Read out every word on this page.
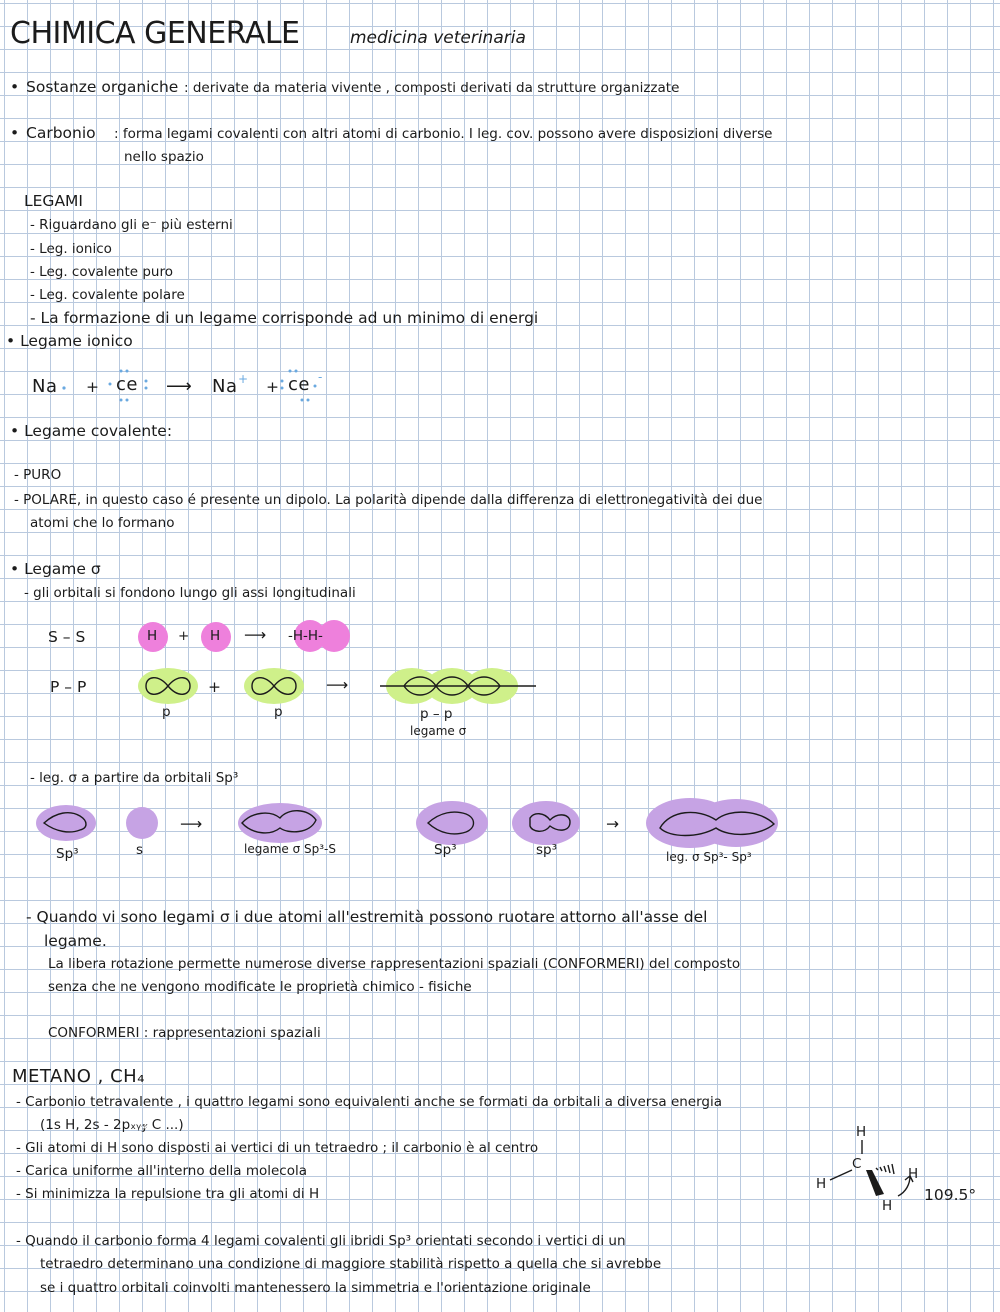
CHIMICA GENERALE	medicina veterinaria
• Sostanze organiche : derivate da materia vivente , composti derivati da strutture organizzate
• Carbonio : forma legami covalenti con altri atomi di carbonio. I leg. cov. possono avere disposizioni diverse
nello spazio
LEGAMI
- Riguardano gli e⁻ più esterni
- Leg. ionico
- Leg. covalente puro
- Leg. covalente polare
- La formazione di un legame corrisponde ad un minimo di energi
• Legame ionico
Na + ce ⟶ Na + + ce -
• Legame covalente:
- PURO
- POLARE, in questo caso é presente un dipolo. La polarità dipende dalla differenza di elettronegatività dei due
atomi che lo formano
• Legame σ
- gli orbitali si fondono lungo gli assi longitudinali
S – S	H + H ⟶ -H-H-
P – P	+	⟶
p	p	p – p
legame σ
- leg. σ a partire da orbitali Sp³
⟶	→
Sp³	s	legame σ Sp³-S	Sp³	sp³	leg. σ Sp³- Sp³
- Quando vi sono legami σ i due atomi all'estremità possono ruotare attorno all'asse del
legame.
La libera rotazione permette numerose diverse rappresentazioni spaziali (CONFORMERI) del composto
senza che ne vengono modificate le proprietà chimico - fisiche
CONFORMERI : rappresentazioni spaziali
METANO , CH₄
- Carbonio tetravalente , i quattro legami sono equivalenti anche se formati da orbitali a diversa energia
(1s H, 2s - 2pₓᵧ𝓏 C ...)
- Gli atomi di H sono disposti ai vertici di un tetraedro ; il carbonio è al centro
- Carica uniforme all'interno della molecola
- Si minimizza la repulsione tra gli atomi di H
H
C
H
H
H
109.5°
- Quando il carbonio forma 4 legami covalenti gli ibridi Sp³ orientati secondo i vertici di un
tetraedro determinano una condizione di maggiore stabilità rispetto a quella che si avrebbe
se i quattro orbitali coinvolti mantenessero la simmetria e l'orientazione originale
